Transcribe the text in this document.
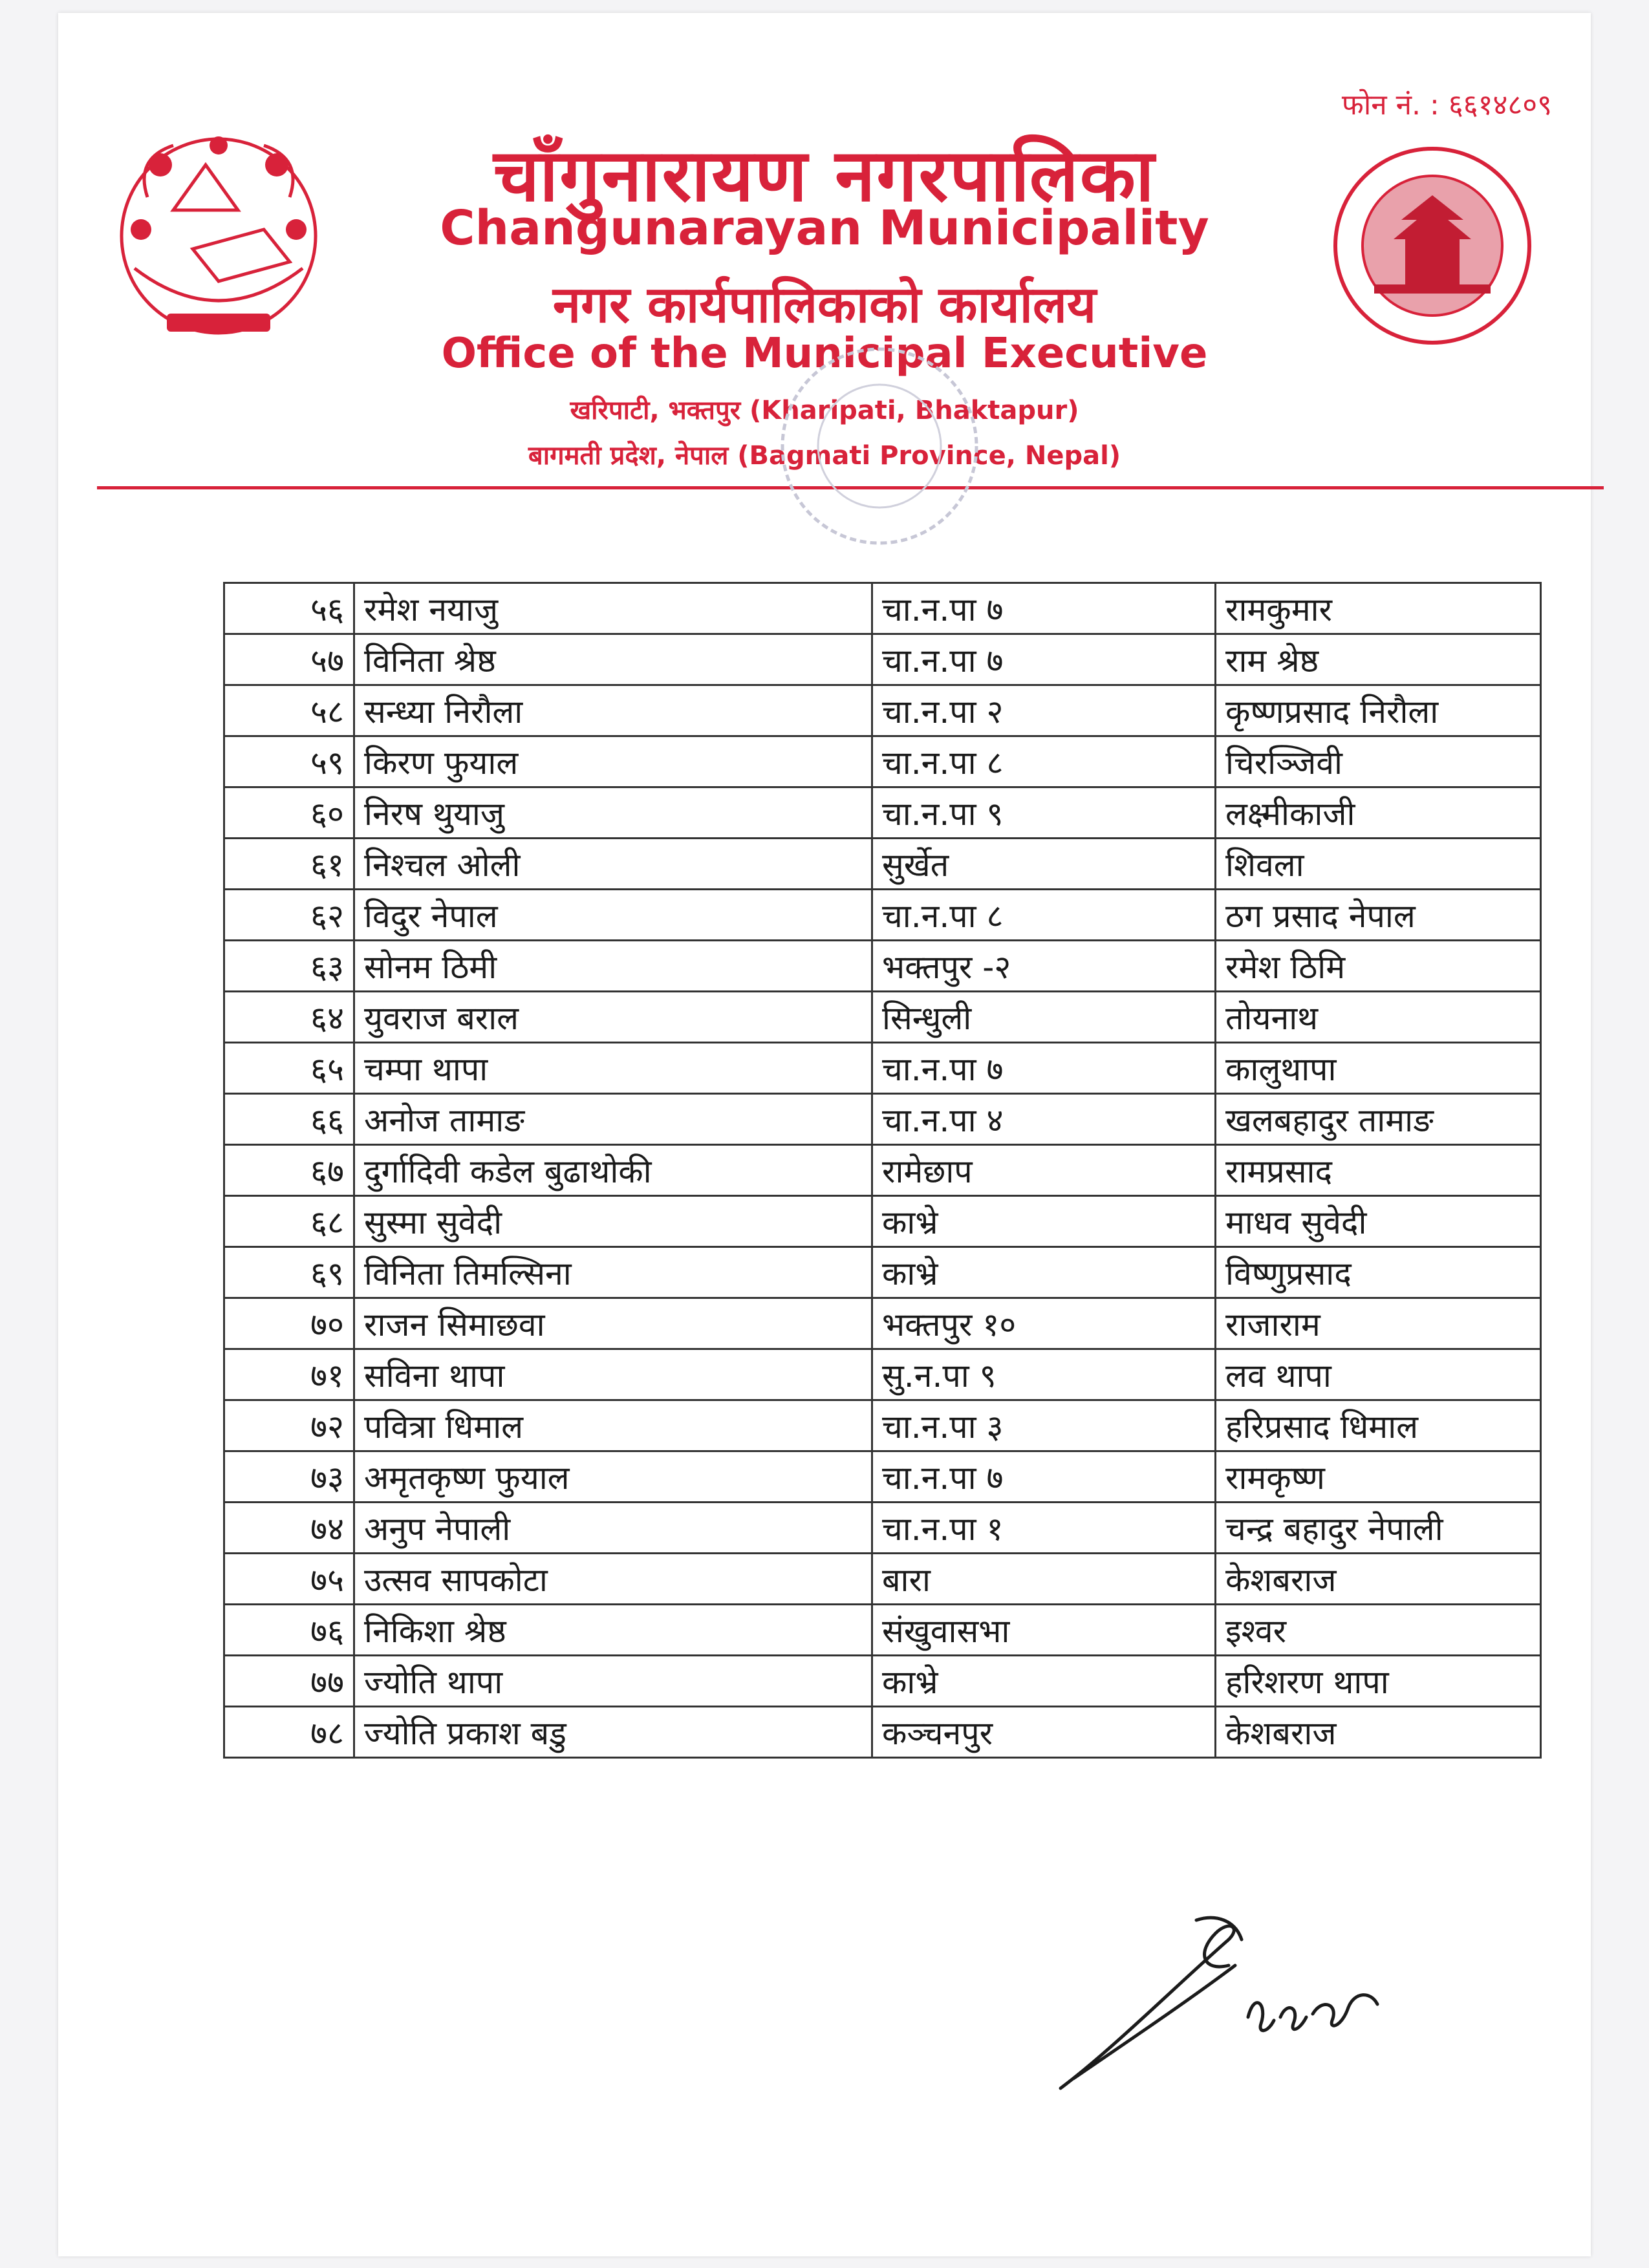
फोन नं. : ६६१४८०९
चाँगुनारायण नगरपालिका
Changunarayan Municipality
नगर कार्यपालिकाको कार्यालय
Office of the Municipal Executive
खरिपाटी, भक्तपुर (Kharipati, Bhaktapur)
बागमती प्रदेश, नेपाल (Bagmati Province, Nepal)
५६	रमेश नयाजु	चा.न.पा ७	रामकुमार
५७	विनिता श्रेष्ठ	चा.न.पा ७	राम श्रेष्ठ
५८	सन्ध्या निरौला	चा.न.पा २	कृष्णप्रसाद निरौला
५९	किरण फुयाल	चा.न.पा ८	चिरञ्जिवी
६०	निरष थुयाजु	चा.न.पा ९	लक्ष्मीकाजी
६१	निश्चल ओली	सुर्खेत	शिवला
६२	विदुर नेपाल	चा.न.पा ८	ठग प्रसाद नेपाल
६३	सोनम ठिमी	भक्तपुर -२	रमेश ठिमि
६४	युवराज बराल	सिन्धुली	तोयनाथ
६५	चम्पा थापा	चा.न.पा ७	कालुथापा
६६	अनोज तामाङ	चा.न.पा ४	खलबहादुर तामाङ
६७	दुर्गादिवी कडेल बुढाथोकी	रामेछाप	रामप्रसाद
६८	सुस्मा सुवेदी	काभ्रे	माधव सुवेदी
६९	विनिता तिमल्सिना	काभ्रे	विष्णुप्रसाद
७०	राजन सिमाछवा	भक्तपुर १०	राजाराम
७१	सविना थापा	सु.न.पा ९	लव थापा
७२	पवित्रा धिमाल	चा.न.पा ३	हरिप्रसाद धिमाल
७३	अमृतकृष्ण फुयाल	चा.न.पा ७	रामकृष्ण
७४	अनुप नेपाली	चा.न.पा १	चन्द्र बहादुर नेपाली
७५	उत्सव सापकोटा	बारा	केशबराज
७६	निकिशा श्रेष्ठ	संखुवासभा	इश्वर
७७	ज्योति थापा	काभ्रे	हरिशरण थापा
७८	ज्योति प्रकाश बडु	कञ्चनपुर	केशबराज
